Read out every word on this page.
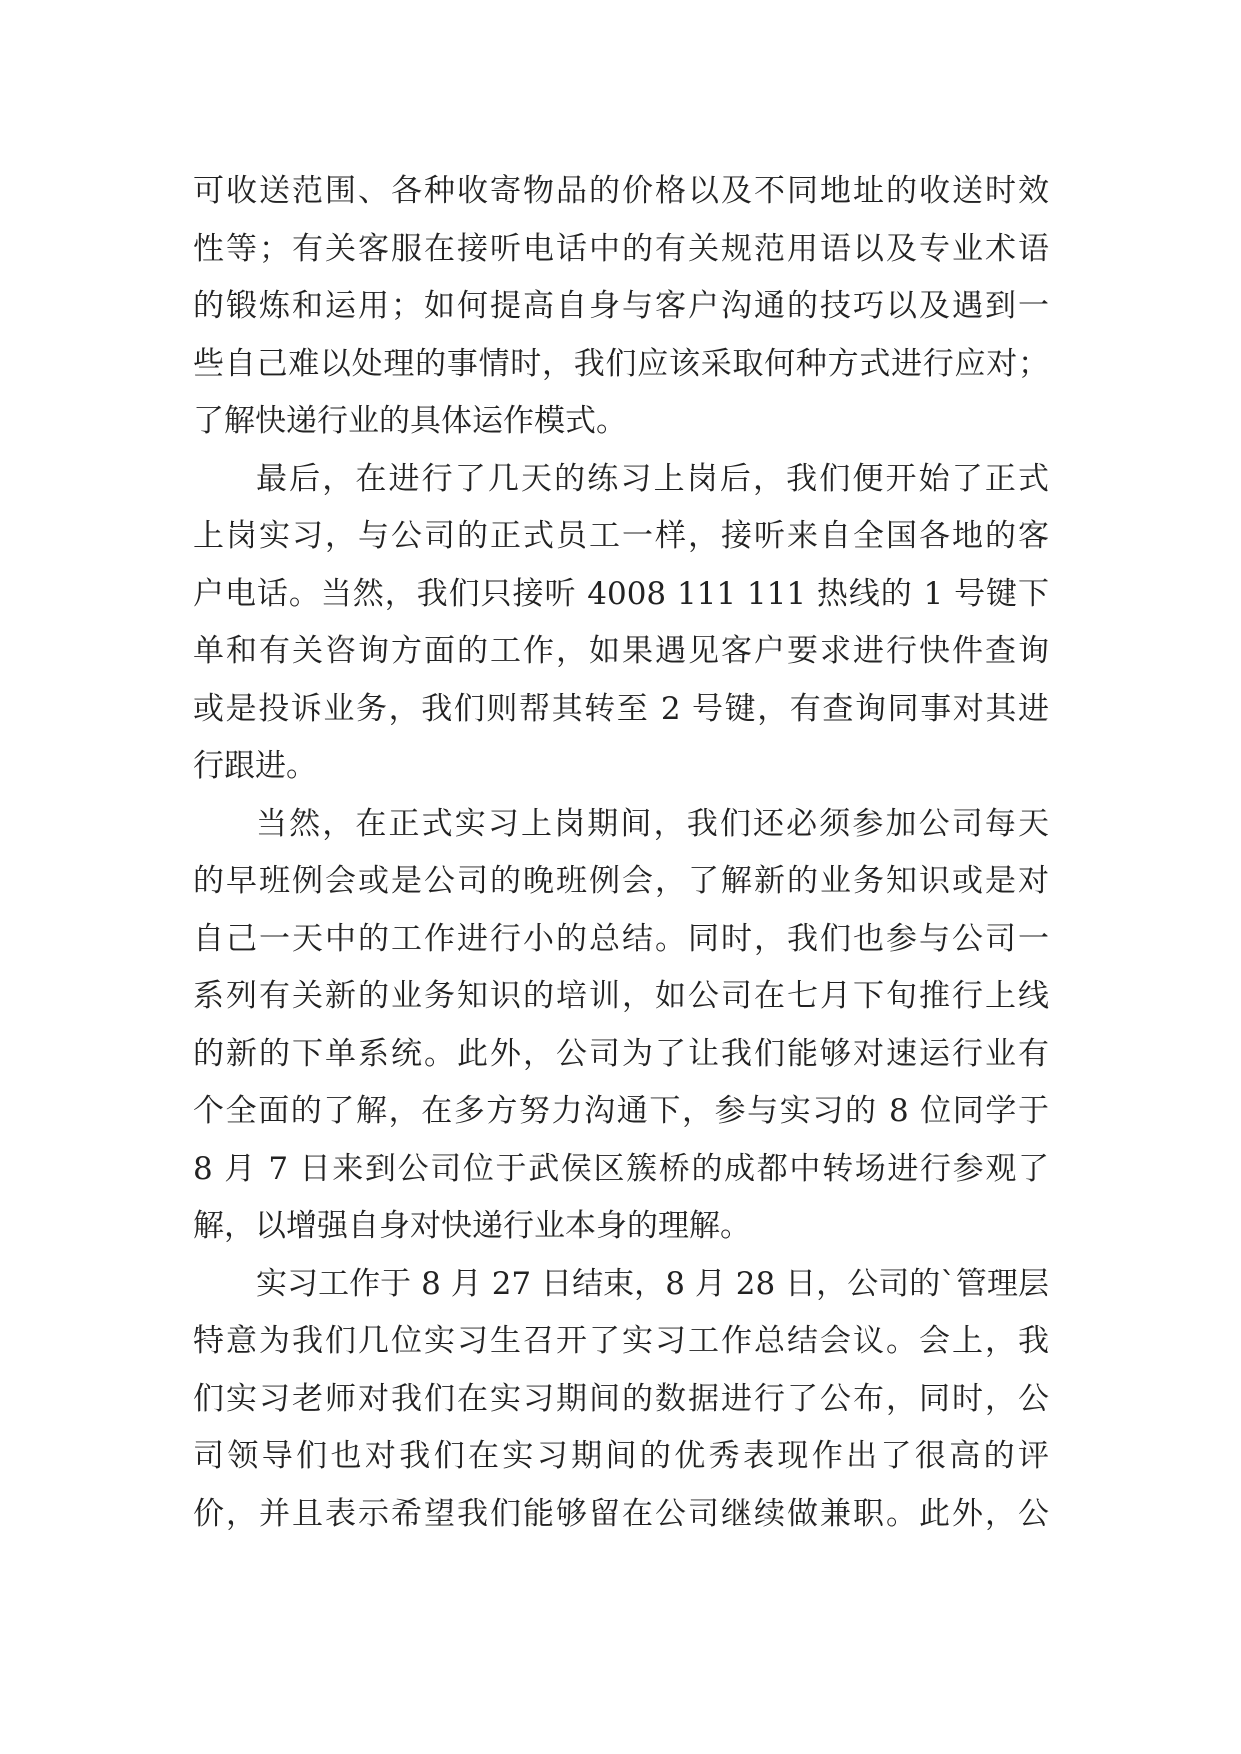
可收送范围、各种收寄物品的价格以及不同地址的收送时效
性等；有关客服在接听电话中的有关规范用语以及专业术语
的锻炼和运用；如何提高自身与客户沟通的技巧以及遇到一
些自己难以处理的事情时，我们应该采取何种方式进行应对；
了解快递行业的具体运作模式。
最后，在进行了几天的练习上岗后，我们便开始了正式
上岗实习，与公司的正式员工一样，接听来自全国各地的客
户电话。当然，我们只接听 4008 111 111 热线的 1 号键下
单和有关咨询方面的工作，如果遇见客户要求进行快件查询
或是投诉业务，我们则帮其转至 2 号键，有查询同事对其进
行跟进。
当然，在正式实习上岗期间，我们还必须参加公司每天
的早班例会或是公司的晚班例会，了解新的业务知识或是对
自己一天中的工作进行小的总结。同时，我们也参与公司一
系列有关新的业务知识的培训，如公司在七月下旬推行上线
的新的下单系统。此外，公司为了让我们能够对速运行业有
个全面的了解，在多方努力沟通下，参与实习的 8 位同学于
8 月 7 日来到公司位于武侯区簇桥的成都中转场进行参观了
解，以增强自身对快递行业本身的理解。
实习工作于 8 月 27 日结束，8 月 28 日，公司的`管理层
特意为我们几位实习生召开了实习工作总结会议。会上，我
们实习老师对我们在实习期间的数据进行了公布，同时，公
司领导们也对我们在实习期间的优秀表现作出了很高的评
价，并且表示希望我们能够留在公司继续做兼职。此外，公
